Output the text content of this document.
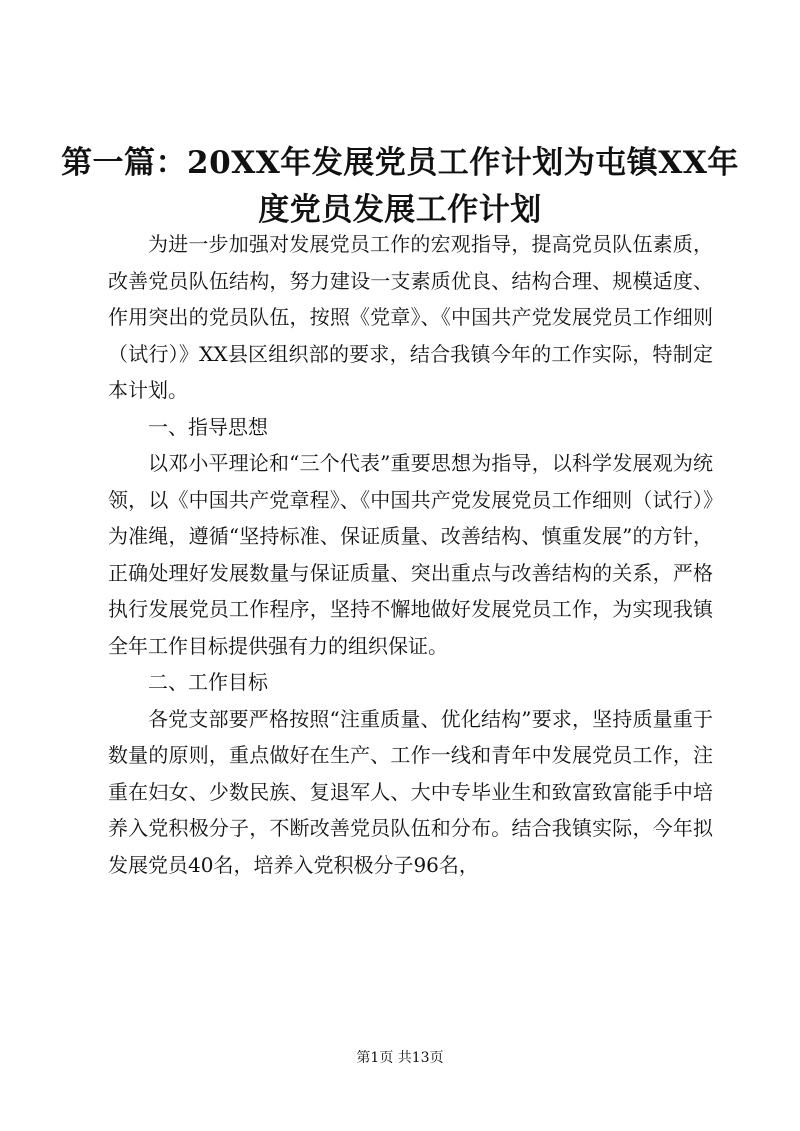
第一篇：20XX年发展党员工作计划为屯镇XX年度党员发展工作计划

为进一步加强对发展党员工作的宏观指导，提高党员队伍素质，改善党员队伍结构，努力建设一支素质优良、结构合理、规模适度、作用突出的党员队伍，按照《党章》、《中国共产党发展党员工作细则（试行）》XX县区组织部的要求，结合我镇今年的工作实际，特制定本计划。

一、指导思想

以邓小平理论和“三个代表”重要思想为指导，以科学发展观为统领，以《中国共产党章程》、《中国共产党发展党员工作细则（试行）》为准绳，遵循“坚持标准、保证质量、改善结构、慎重发展”的方针，正确处理好发展数量与保证质量、突出重点与改善结构的关系，严格执行发展党员工作程序，坚持不懈地做好发展党员工作，为实现我镇全年工作目标提供强有力的组织保证。

二、工作目标

各党支部要严格按照“注重质量、优化结构”要求，坚持质量重于数量的原则，重点做好在生产、工作一线和青年中发展党员工作，注重在妇女、少数民族、复退军人、大中专毕业生和致富致富能手中培养入党积极分子，不断改善党员队伍和分布。结合我镇实际，今年拟发展党员40名，培养入党积极分子96名，

第1页 共13页
